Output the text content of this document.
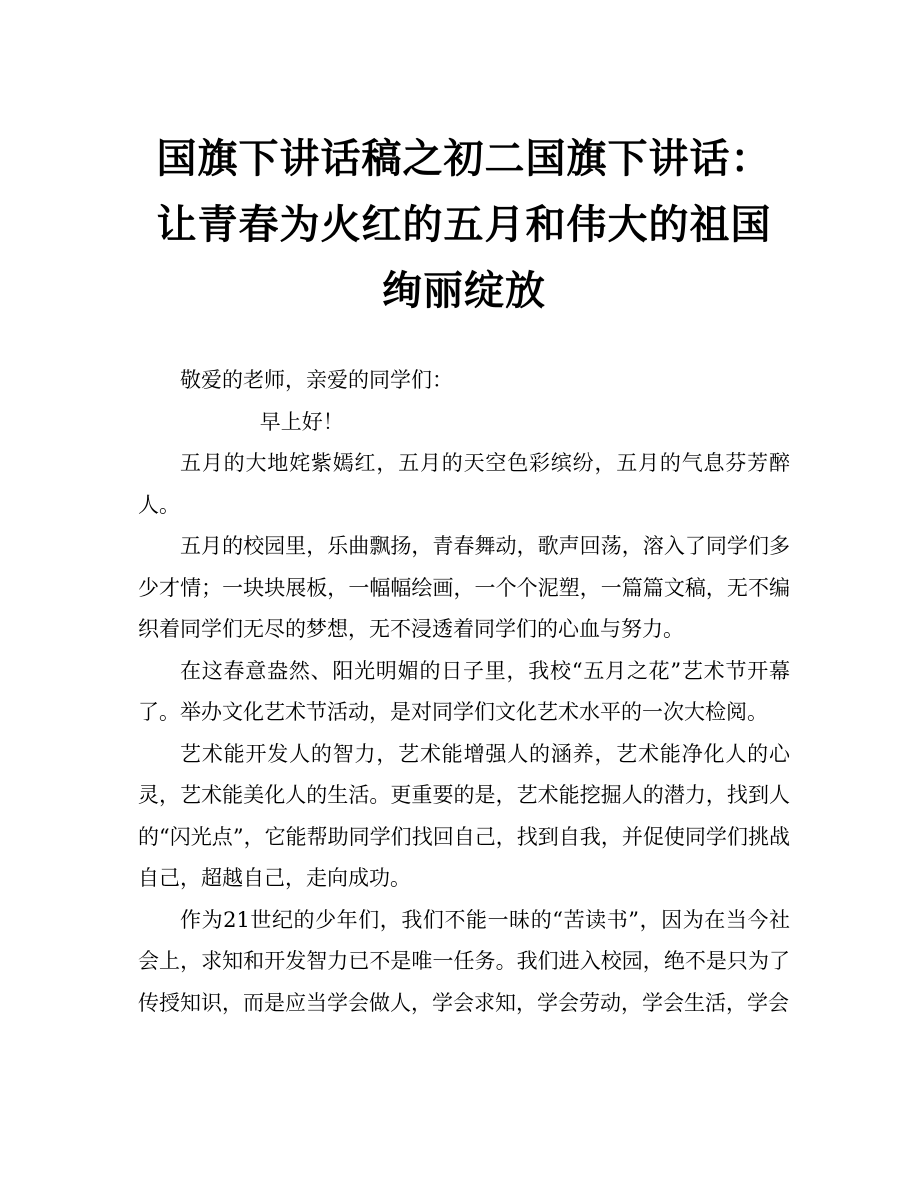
国旗下讲话稿之初二国旗下讲话：让青春为火红的五月和伟大的祖国绚丽绽放

敬爱的老师，亲爱的同学们：

早上好！

五月的大地姹紫嫣红，五月的天空色彩缤纷，五月的气息芬芳醉人。

五月的校园里，乐曲飘扬，青春舞动，歌声回荡，溶入了同学们多少才情；一块块展板，一幅幅绘画，一个个泥塑，一篇篇文稿，无不编织着同学们无尽的梦想，无不浸透着同学们的心血与努力。

在这春意盎然、阳光明媚的日子里，我校“五月之花”艺术节开幕了。举办文化艺术节活动，是对同学们文化艺术水平的一次大检阅。

艺术能开发人的智力，艺术能增强人的涵养，艺术能净化人的心灵，艺术能美化人的生活。更重要的是，艺术能挖掘人的潜力，找到人的“闪光点”，它能帮助同学们找回自己，找到自我，并促使同学们挑战自己，超越自己，走向成功。

作为21世纪的少年们，我们不能一昧的“苦读书”，因为在当今社会上，求知和开发智力已不是唯一任务。我们进入校园，绝不是只为了传授知识，而是应当学会做人，学会求知，学会劳动，学会生活，学会
